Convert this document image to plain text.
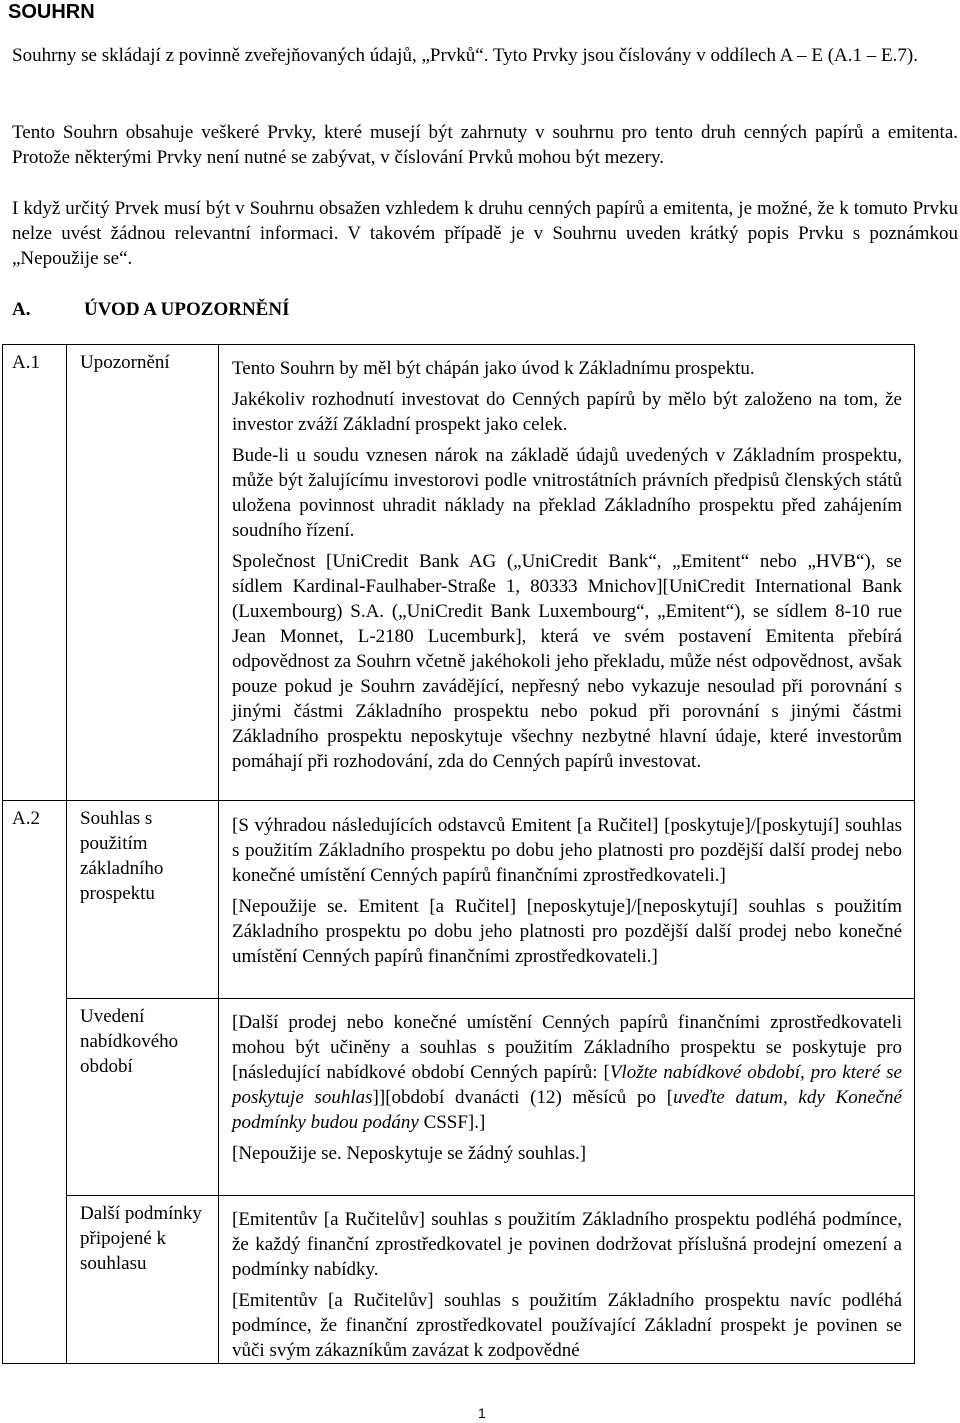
SOUHRN
Souhrny se skládají z povinně zveřejňovaných údajů, „Prvků“. Tyto Prvky jsou číslovány v oddílech A – E (A.1 – E.7).
Tento Souhrn obsahuje veškeré Prvky, které musejí být zahrnuty v souhrnu pro tento druh cenných papírů a emitenta. Protože některými Prvky není nutné se zabývat, v číslování Prvků mohou být mezery.
I když určitý Prvek musí být v Souhrnu obsažen vzhledem k druhu cenných papírů a emitenta, je možné, že k tomuto Prvku nelze uvést žádnou relevantní informaci. V takovém případě je v Souhrnu uveden krátký popis Prvku s poznámkou „Nepoužije se“.
A.	ÚVOD A UPOZORNĚNÍ
A.1 Upozornění	Tento Souhrn by měl být chápán jako úvod k Základnímu prospektu.

Jakékoliv rozhodnutí investovat do Cenných papírů by mělo být založeno na tom, že investor zváží Základní prospekt jako celek.

Bude-li u soudu vznesen nárok na základě údajů uvedených v Základním prospektu, může být žalujícímu investorovi podle vnitrostátních právních předpisů členských států uložena povinnost uhradit náklady na překlad Základního prospektu před zahájením soudního řízení.

Společnost [UniCredit Bank AG („UniCredit Bank“, „Emitent“ nebo „HVB“), se sídlem Kardinal-Faulhaber-Straße 1, 80333 Mnichov][UniCredit International Bank (Luxembourg) S.A. („UniCredit Bank Luxembourg“, „Emitent“), se sídlem 8-10 rue Jean Monnet, L-2180 Lucemburk], která ve svém postavení Emitenta přebírá odpovědnost za Souhrn včetně jakéhokoli jeho překladu, může nést odpovědnost, avšak pouze pokud je Souhrn zavádějící, nepřesný nebo vykazuje nesoulad při porovnání s jinými částmi Základního prospektu nebo pokud při porovnání s jinými částmi Základního prospektu neposkytuje všechny nezbytné hlavní údaje, které investorům pomáhají při rozhodování, zda do Cenných papírů investovat.

A.2 Souhlas s použitím základního prospektu

[S výhradou následujících odstavců Emitent [a Ručitel] [poskytuje]/[poskytují] souhlas s použitím Základního prospektu po dobu jeho platnosti pro pozdější další prodej nebo konečné umístění Cenných papírů finančními zprostředkovateli.]

[Nepoužije se. Emitent [a Ručitel] [neposkytuje]/[neposkytují] souhlas s použitím Základního prospektu po dobu jeho platnosti pro pozdější další prodej nebo konečné umístění Cenných papírů finančními zprostředkovateli.]

Uvedení nabídkového období

[Další prodej nebo konečné umístění Cenných papírů finančními zprostředkovateli mohou být učiněny a souhlas s použitím Základního prospektu se poskytuje pro [následující nabídkové období Cenných papírů: [Vložte nabídkové období, pro které se poskytuje souhlas]][období dvanácti (12) měsíců po [uveďte datum, kdy Konečné podmínky budou podány CSSF].]

[Nepoužije se. Neposkytuje se žádný souhlas.]

Další podmínky připojené k souhlasu

[Emitentův [a Ručitelův] souhlas s použitím Základního prospektu podléhá podmínce, že každý finanční zprostředkovatel je povinen dodržovat příslušná prodejní omezení a podmínky nabídky.

[Emitentův [a Ručitelův] souhlas s použitím Základního prospektu navíc podléhá podmínce, že finanční zprostředkovatel používající Základní prospekt je povinen se vůči svým zákazníkům zavázat k zodpovědné

1
